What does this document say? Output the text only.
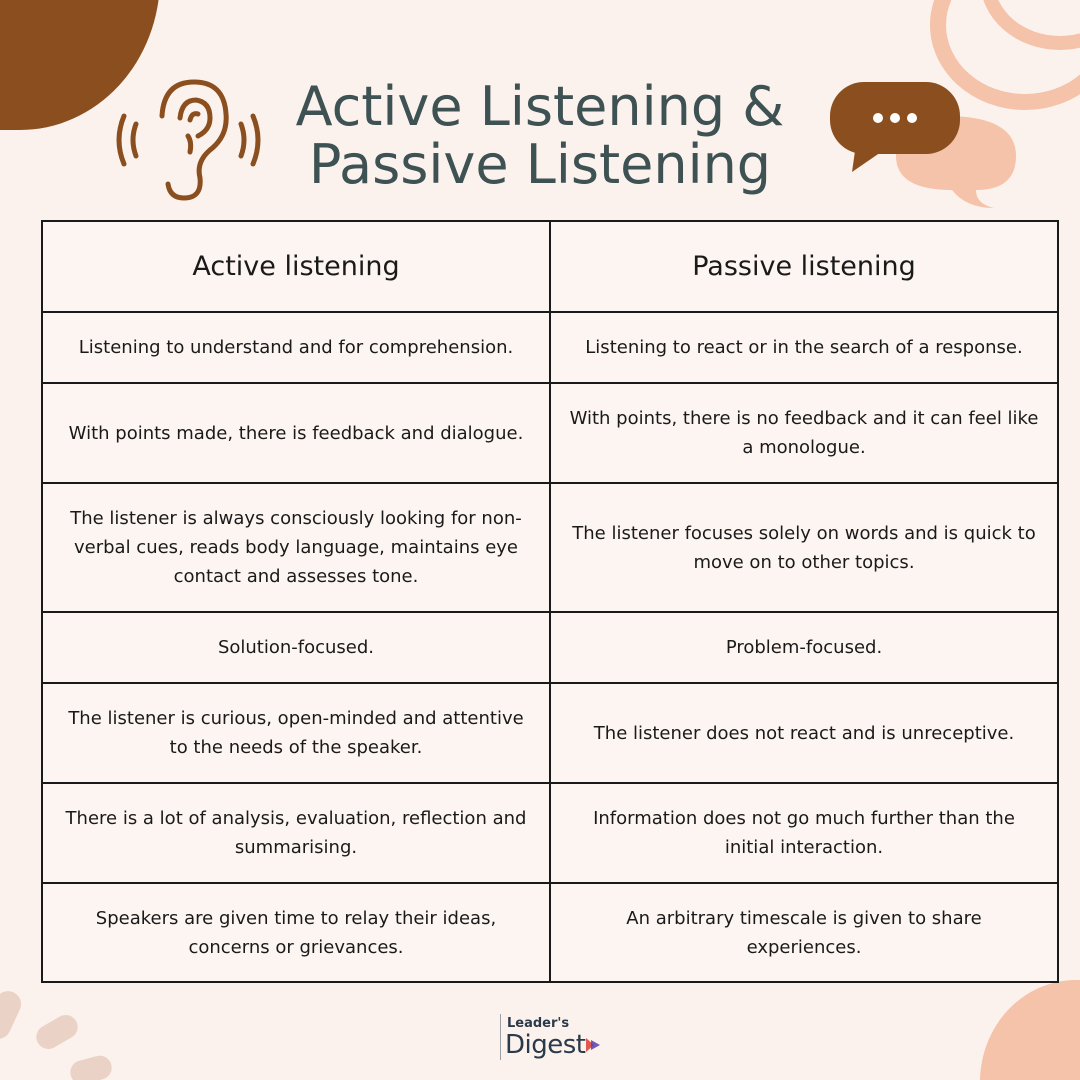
Active Listening &
Passive Listening
Active listening	Passive listening
Listening to understand and for comprehension.	Listening to react or in the search of a response.
With points made, there is feedback and dialogue.	With points, there is no feedback and it can feel like a monologue.
The listener is always consciously looking for non-verbal cues, reads body language, maintains eye contact and assesses tone.	The listener focuses solely on words and is quick to move on to other topics.
Solution-focused.	Problem-focused.
The listener is curious, open-minded and attentive to the needs of the speaker.	The listener does not react and is unreceptive.
There is a lot of analysis, evaluation, reflection and summarising.	Information does not go much further than the initial interaction.
Speakers are given time to relay their ideas, concerns or grievances.	An arbitrary timescale is given to share experiences.
Leader's
Digest
